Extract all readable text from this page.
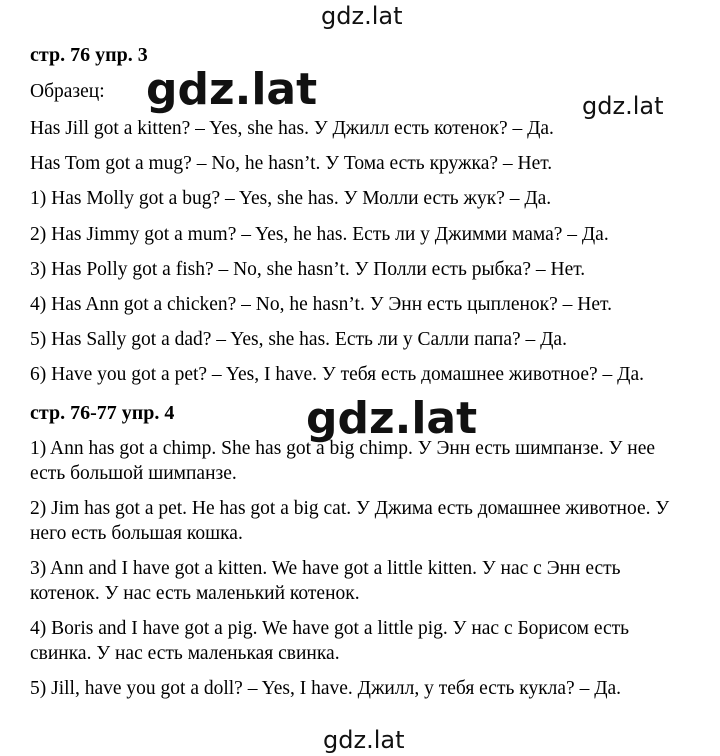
стр. 76 упр. 3
Образец:
Has Jill got a kitten? – Yes, she has. У Джилл есть котенок? – Да.
Has Tom got a mug? – No, he hasn’t. У Тома есть кружка? – Нет.
1) Has Molly got a bug? – Yes, she has. У Молли есть жук? – Да.
2) Has Jimmy got a mum? – Yes, he has. Есть ли у Джимми мама? – Да.
3) Has Polly got a fish? – No, she hasn’t. У Полли есть рыбка? – Нет.
4) Has Ann got a chicken? – No, he hasn’t. У Энн есть цыпленок? – Нет.
5) Has Sally got a dad? – Yes, she has. Есть ли у Салли папа? – Да.
6) Have you got a pet? – Yes, I have. У тебя есть домашнее животное? – Да.
стр. 76-77 упр. 4
1) Ann has got a chimp. She has got a big chimp. У Энн есть шимпанзе. У нее есть большой шимпанзе.
2) Jim has got a pet. He has got a big cat. У Джима есть домашнее животное. У него есть большая кошка.
3) Ann and I have got a kitten. We have got a little kitten. У нас с Энн есть котенок. У нас есть маленький котенок.
4) Boris and I have got a pig. We have got a little pig. У нас с Борисом есть свинка. У нас есть маленькая свинка.
5) Jill, have you got a doll? – Yes, I have. Джилл, у тебя есть кукла? – Да.
gdz.lat
gdz.lat	gdz.lat
gdz.lat
gdz.lat
